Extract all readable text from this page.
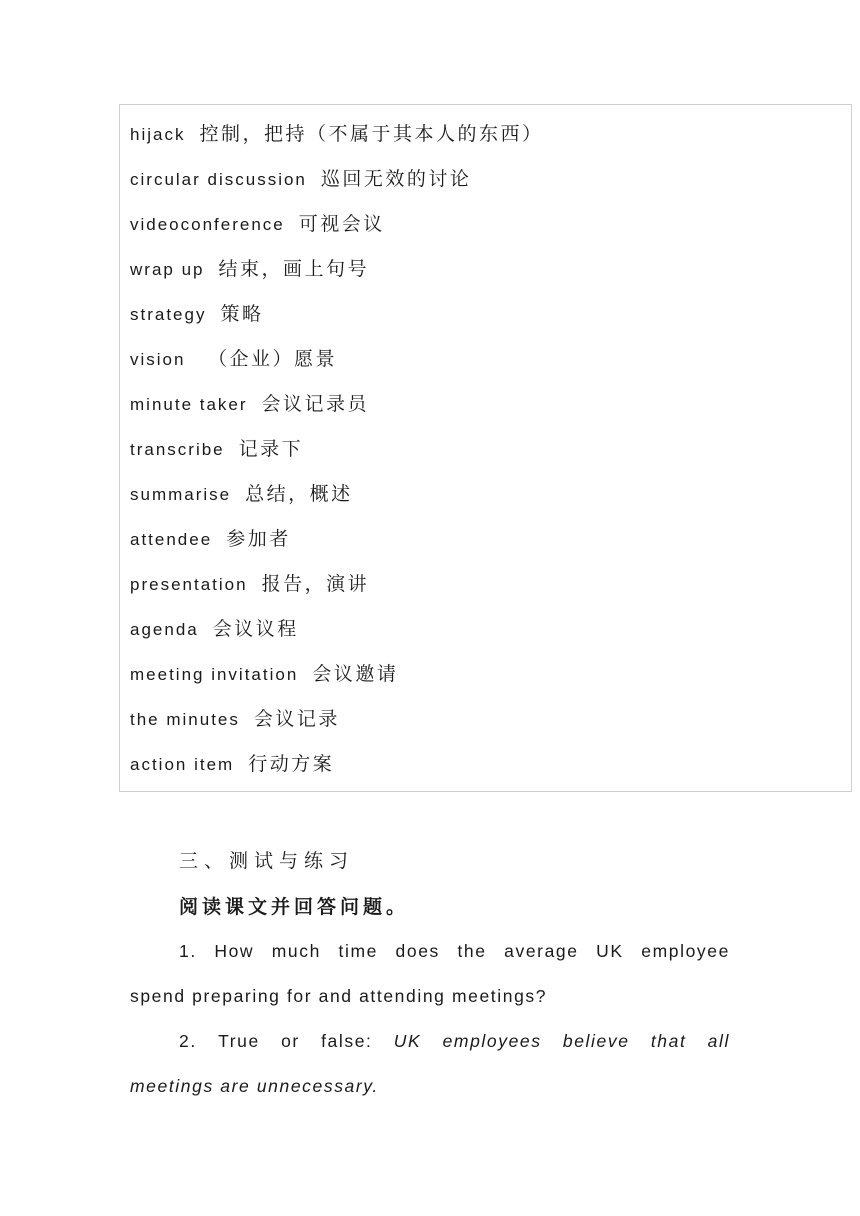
hijack 控制，把持（不属于其本人的东西）
circular discussion 巡回无效的讨论
videoconference 可视会议
wrap up 结束，画上句号
strategy 策略
vision （企业）愿景
minute taker 会议记录员
transcribe 记录下
summarise 总结，概述
attendee 参加者
presentation 报告，演讲
agenda 会议议程
meeting invitation 会议邀请
the minutes 会议记录
action item 行动方案
三、测试与练习
阅读课文并回答问题。
1. How much time does the average UK employee
spend preparing for and attending meetings?
2. True or false: UK employees believe that all
meetings are unnecessary.
